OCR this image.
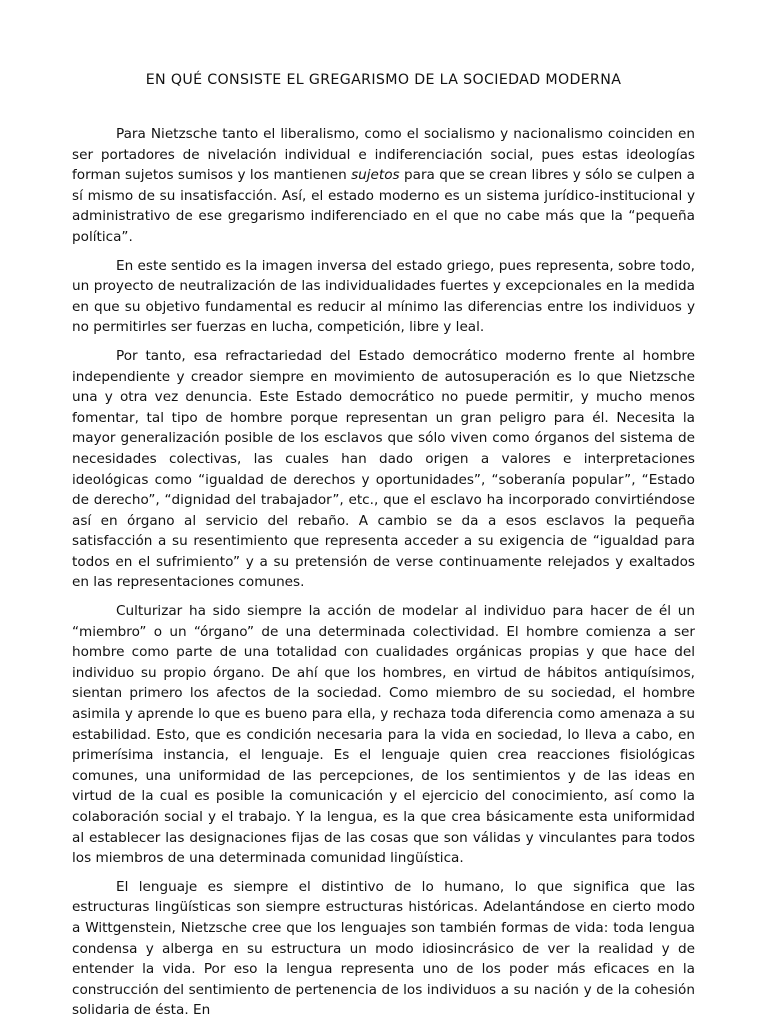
EN QUÉ CONSISTE EL GREGARISMO DE LA SOCIEDAD MODERNA

Para Nietzsche tanto el liberalismo, como el socialismo y nacionalismo coinciden en ser portadores de nivelación individual e indiferenciación social, pues estas ideologías forman sujetos sumisos y los mantienen sujetos para que se crean libres y sólo se culpen a sí mismo de su insatisfacción. Así, el estado moderno es un sistema jurídico-institucional y administrativo de ese gregarismo indiferenciado en el que no cabe más que la “pequeña política”.

En este sentido es la imagen inversa del estado griego, pues representa, sobre todo, un proyecto de neutralización de las individualidades fuertes y excepcionales en la medida en que su objetivo fundamental es reducir al mínimo las diferencias entre los individuos y no permitirles ser fuerzas en lucha, competición, libre y leal.

Por tanto, esa refractariedad del Estado democrático moderno frente al hombre independiente y creador siempre en movimiento de autosuperación es lo que Nietzsche una y otra vez denuncia. Este Estado democrático no puede permitir, y mucho menos fomentar, tal tipo de hombre porque representan un gran peligro para él. Necesita la mayor generalización posible de los esclavos que sólo viven como órganos del sistema de necesidades colectivas, las cuales han dado origen a valores e interpretaciones ideológicas como “igualdad de derechos y oportunidades”, “soberanía popular”, “Estado de derecho”, “dignidad del trabajador”, etc., que el esclavo ha incorporado convirtiéndose así en órgano al servicio del rebaño. A cambio se da a esos esclavos la pequeña satisfacción a su resentimiento que representa acceder a su exigencia de “igualdad para todos en el sufrimiento” y a su pretensión de verse continuamente relejados y exaltados en las representaciones comunes.

Culturizar ha sido siempre la acción de modelar al individuo para hacer de él un “miembro” o un “órgano” de una determinada colectividad. El hombre comienza a ser hombre como parte de una totalidad con cualidades orgánicas propias y que hace del individuo su propio órgano. De ahí que los hombres, en virtud de hábitos antiquísimos, sientan primero los afectos de la sociedad. Como miembro de su sociedad, el hombre asimila y aprende lo que es bueno para ella, y rechaza toda diferencia como amenaza a su estabilidad. Esto, que es condición necesaria para la vida en sociedad, lo lleva a cabo, en primerísima instancia, el lenguaje. Es el lenguaje quien crea reacciones fisiológicas comunes, una uniformidad de las percepciones, de los sentimientos y de las ideas en virtud de la cual es posible la comunicación y el ejercicio del conocimiento, así como la colaboración social y el trabajo. Y la lengua, es la que crea básicamente esta uniformidad al establecer las designaciones fijas de las cosas que son válidas y vinculantes para todos los miembros de una determinada comunidad lingüística.

El lenguaje es siempre el distintivo de lo humano, lo que significa que las estructuras lingüísticas son siempre estructuras históricas. Adelantándose en cierto modo a Wittgenstein, Nietzsche cree que los lenguajes son también formas de vida: toda lengua condensa y alberga en su estructura un modo idiosincrásico de ver la realidad y de entender la vida. Por eso la lengua representa uno de los poder más eficaces en la construcción del sentimiento de pertenencia de los individuos a su nación y de la cohesión solidaria de ésta. En
